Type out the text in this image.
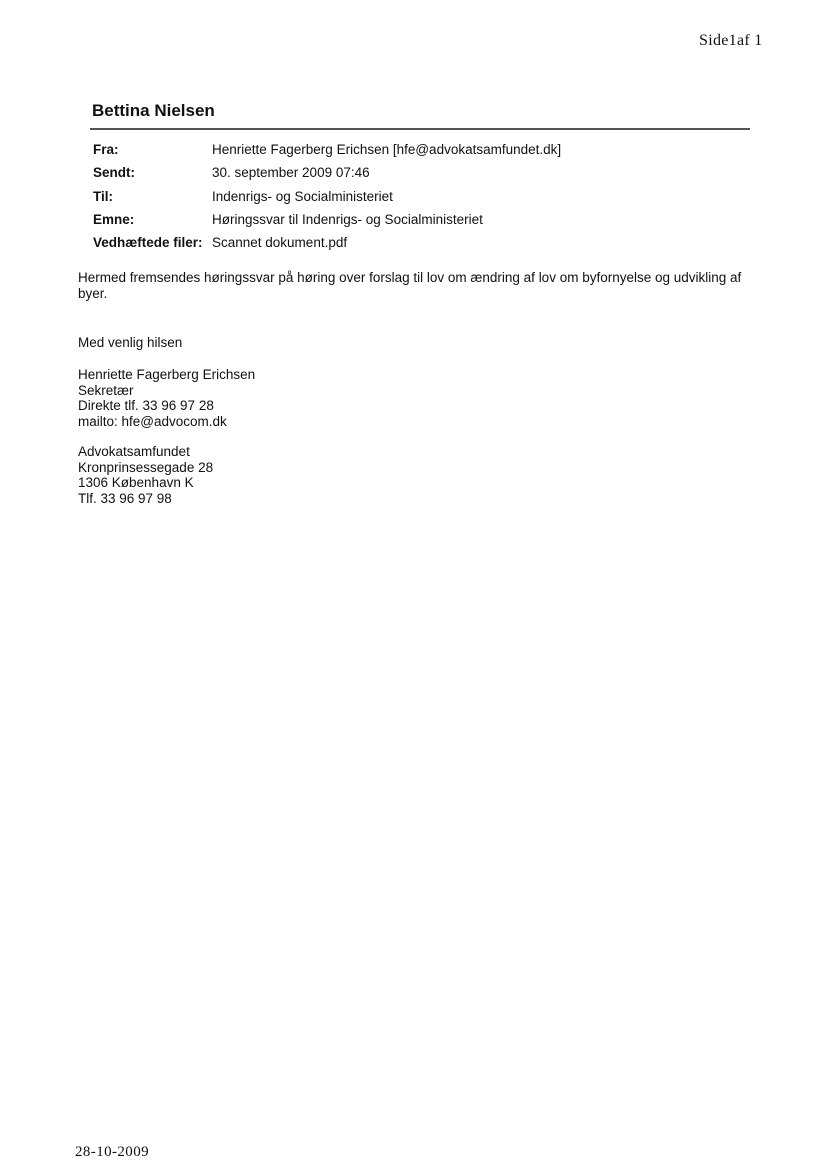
Side1af 1
Bettina Nielsen
Fra:	Henriette Fagerberg Erichsen [hfe@advokatsamfundet.dk]
Sendt:	30. september 2009 07:46
Til:	Indenrigs- og Socialministeriet
Emne:	Høringssvar til Indenrigs- og Socialministeriet
Vedhæftede filer: Scannet dokument.pdf
Hermed fremsendes høringssvar på høring over forslag til lov om ændring af lov om byfornyelse og udvikling af byer.
Med venlig hilsen
Henriette Fagerberg Erichsen
Sekretær
Direkte tlf. 33 96 97 28
mailto: hfe@advocom.dk
Advokatsamfundet
Kronprinsessegade 28
1306 København K
Tlf. 33 96 97 98
28-10-2009
